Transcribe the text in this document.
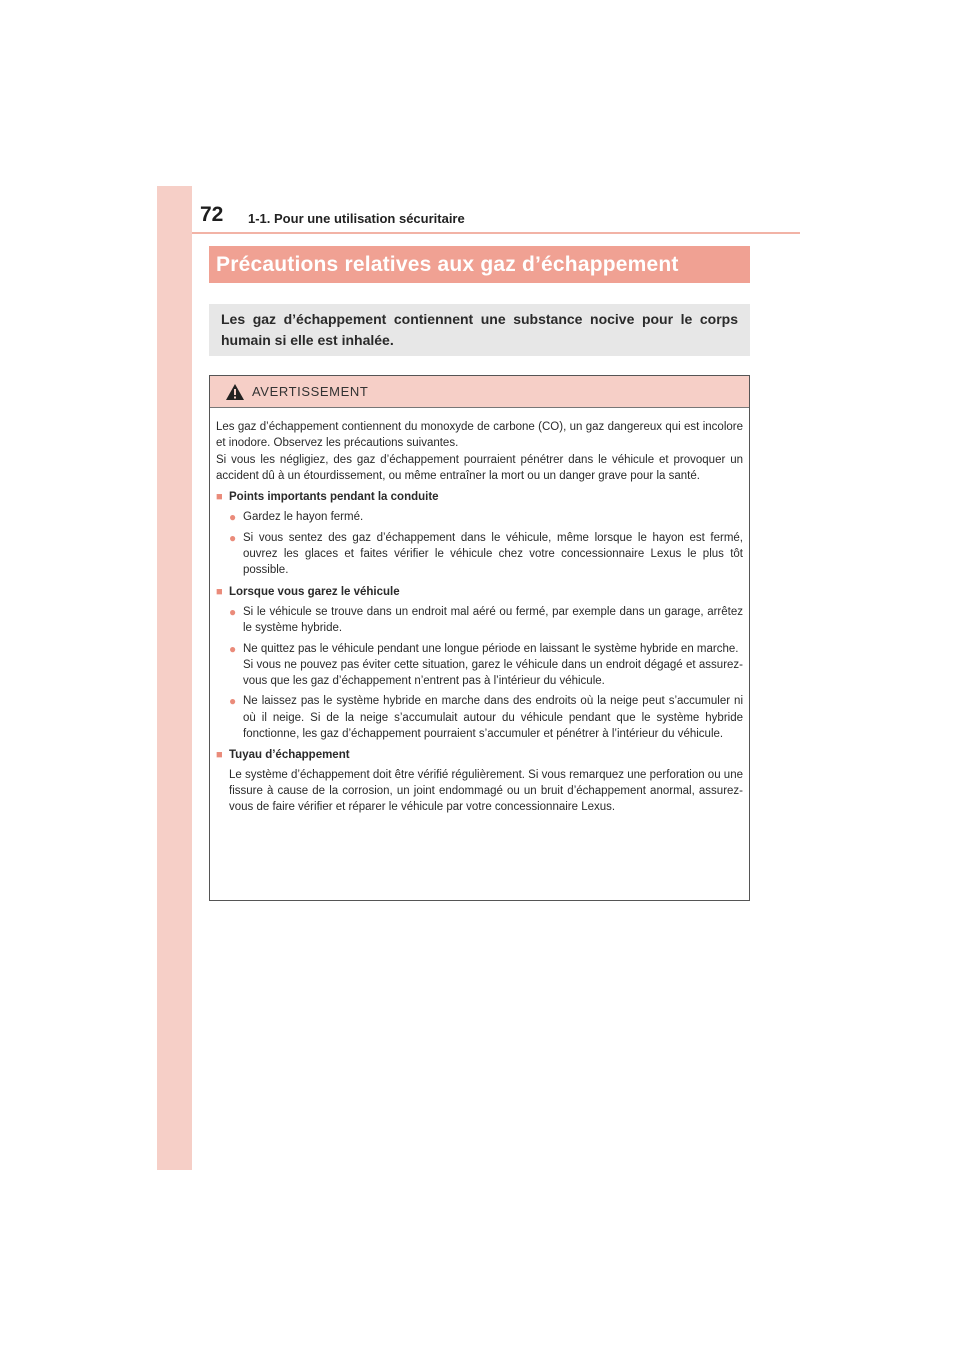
72 1-1. Pour une utilisation sécuritaire
Précautions relatives aux gaz d’échappement

Les gaz d’échappement contiennent une substance nocive pour le corps humain si elle est inhalée.

AVERTISSEMENT

Les gaz d’échappement contiennent du monoxyde de carbone (CO), un gaz dangereux qui est incolore et inodore. Observez les précautions suivantes.

Si vous les négligiez, des gaz d’échappement pourraient pénétrer dans le véhicule et provoquer un accident dû à un étourdissement, ou même entraîner la mort ou un danger grave pour la santé.

■ Points importants pendant la conduite
● Gardez le hayon fermé.
● Si vous sentez des gaz d’échappement dans le véhicule, même lorsque le hayon est fermé, ouvrez les glaces et faites vérifier le véhicule chez votre concessionnaire Lexus le plus tôt possible.
■ Lorsque vous garez le véhicule
● Si le véhicule se trouve dans un endroit mal aéré ou fermé, par exemple dans un garage, arrêtez le système hybride.
● Ne quittez pas le véhicule pendant une longue période en laissant le système hybride en marche.
Si vous ne pouvez pas éviter cette situation, garez le véhicule dans un endroit dégagé et assurez-vous que les gaz d’échappement n’entrent pas à l’intérieur du véhicule.
● Ne laissez pas le système hybride en marche dans des endroits où la neige peut s’accumuler ni où il neige. Si de la neige s’accumulait autour du véhicule pendant que le système hybride fonctionne, les gaz d’échappement pourraient s’accumuler et pénétrer à l’intérieur du véhicule.
■ Tuyau d’échappement
Le système d’échappement doit être vérifié régulièrement. Si vous remarquez une perforation ou une fissure à cause de la corrosion, un joint endommagé ou un bruit d’échappement anormal, assurez-vous de faire vérifier et réparer le véhicule par votre concessionnaire Lexus.
